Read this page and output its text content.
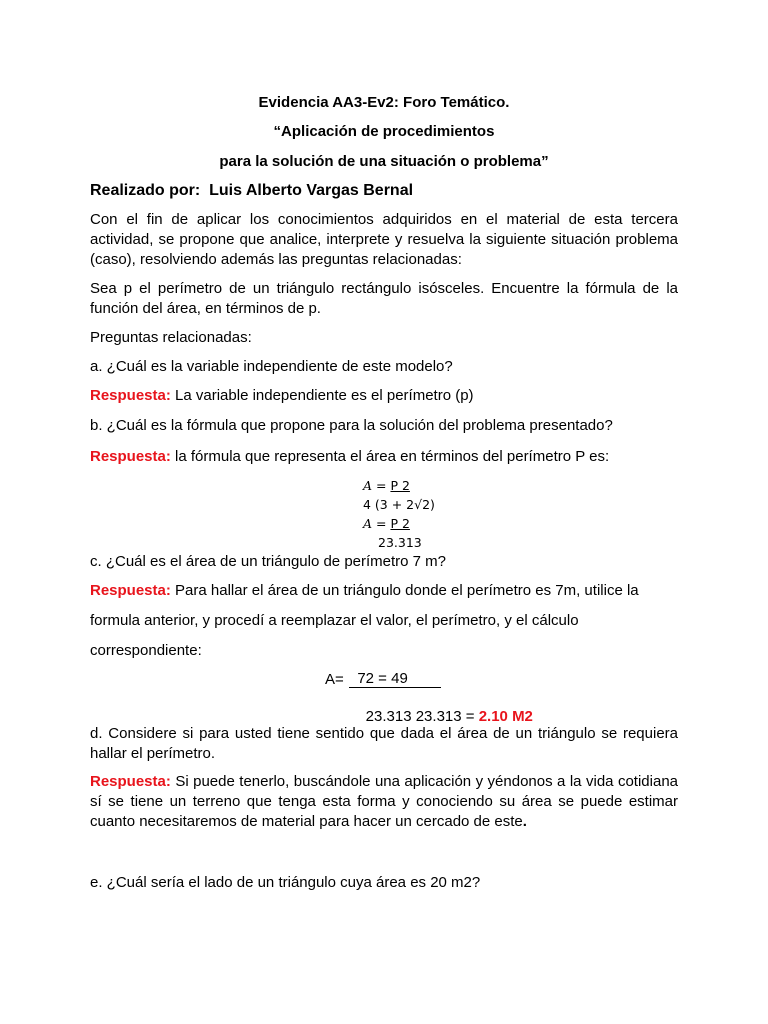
Evidencia AA3-Ev2: Foro Temático.
“Aplicación de procedimientos
para la solución de una situación o problema”
Realizado por: Luis Alberto Vargas Bernal
Con el fin de aplicar los conocimientos adquiridos en el material de esta tercera actividad, se propone que analice, interprete y resuelva la siguiente situación problema (caso), resolviendo además las preguntas relacionadas:
Sea p el perímetro de un triángulo rectángulo isósceles. Encuentre la fórmula de la función del área, en términos de p.
Preguntas relacionadas:
a. ¿Cuál es la variable independiente de este modelo?
Respuesta: La variable independiente es el perímetro (p)
b. ¿Cuál es la fórmula que propone para la solución del problema presentado?
Respuesta: la fórmula que representa el área en términos del perímetro P es:
A = P 2
4 (3 + 2√2)
A = P 2
23.313
c. ¿Cuál es el área de un triángulo de perímetro 7 m?
Respuesta: Para hallar el área de un triángulo donde el perímetro es 7m, utilice la
formula anterior, y procedí a reemplazar el valor, el perímetro, y el cálculo
correspondiente:
A= 72 = 49

23.313 23.313 = 2.10 M2

d. Considere si para usted tiene sentido que dada el área de un triángulo se requiera hallar el perímetro.
Respuesta: Si puede tenerlo, buscándole una aplicación y yéndonos a la vida cotidiana sí se tiene un terreno que tenga esta forma y conociendo su área se puede estimar cuanto necesitaremos de material para hacer un cercado de este.
e. ¿Cuál sería el lado de un triángulo cuya área es 20 m2?
